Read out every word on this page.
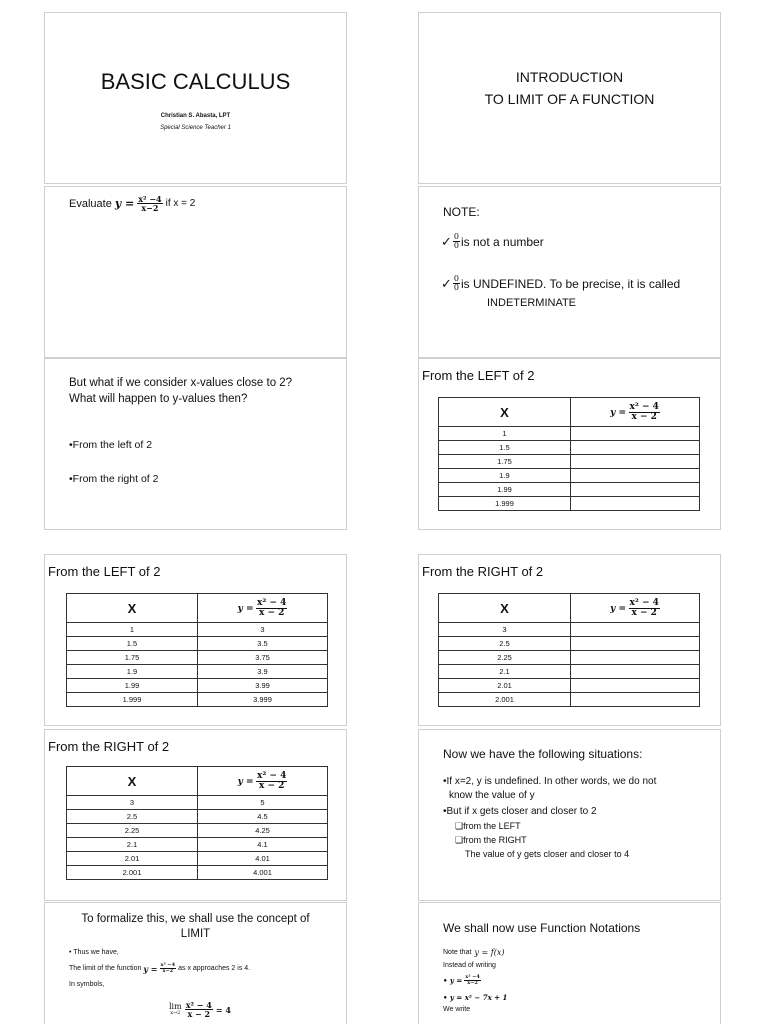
BASIC CALCULUS
Christian S. Abasta, LPT
Special Science Teacher 1
INTRODUCTION
TO LIMIT OF A FUNCTION
Evaluate $y = \frac{\text{x² −4}}{x-2}$ if x = 2
NOTE:
✓ $\frac{0}{0}$ is not a number
✓ $\frac{0}{0}$ is UNDEFINED. To be precise, it is called
INDETERMINATE
But what if we consider x-values close to 2?
What will happen to y-values then?
•From the left of 2
•From the right of 2
From the LEFT of 2
X	$y = \frac{\text{x² − 4}}{x - 2}$

1	
1.5	
1.75	
1.9	
1.99	
1.999	
From the LEFT of 2
X	$y = \frac{\text{x² − 4}}{x - 2}$

1	3
1.5	3.5
1.75	3.75
1.9	3.9
1.99	3.99
1.999	3.999
From the RIGHT of 2
X	$y = \frac{\text{x² − 4}}{x - 2}$

3	
2.5	
2.25	
2.1	
2.01	
2.001	
From the RIGHT of 2
X	$y = \frac{\text{x² − 4}}{x - 2}$

3	5
2.5	4.5
2.25	4.25
2.1	4.1
2.01	4.01
2.001	4.001
Now we have the following situations:
•If x=2, y is undefined. In other words, we do not
know the value of y
•But if x gets closer and closer to 2
❑from the LEFT
❑from the RIGHT
The value of y gets closer and closer to 4
To formalize this, we shall use the concept of
LIMIT
• Thus we have,
The limit of the function $y = \frac{\text{x² −4}}{x-2}$ as x approaches 2 is 4.
In symbols,
lim
$x\to 2 \frac{\text{x² − 4}}{x - 2} = 4$
We shall now use Function Notations
Note that y = f(x)
Instead of writing
• $y = \frac{\text{x² −4}}{x-2}$
• y = x² − 7x + 1
We write
